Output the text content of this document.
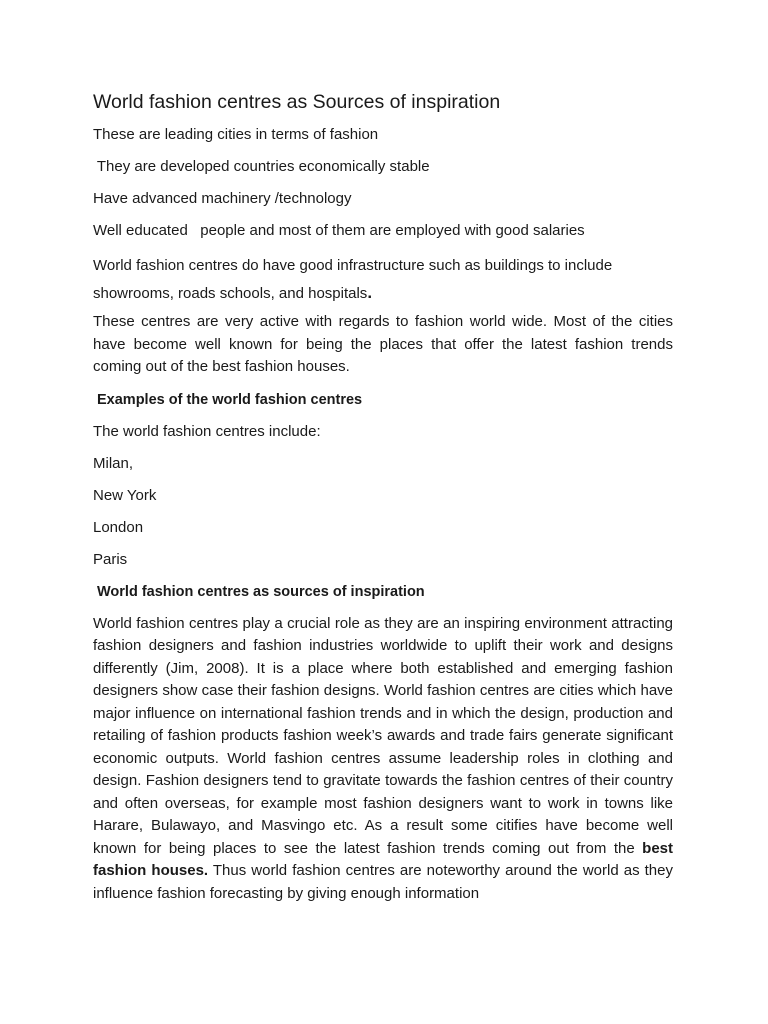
World fashion centres as Sources of inspiration

These are leading cities in terms of fashion

They are developed countries economically stable

Have advanced machinery /technology

Well educated   people and most of them are employed with good salaries

World fashion centres do have good infrastructure such as buildings to include showrooms, roads schools, and hospitals.

These centres are very active with regards to fashion world wide. Most of the cities have become well known for being the places that offer the latest fashion trends coming out of the best fashion houses.

Examples of the world fashion centres

The world fashion centres include:

Milan,

New York

London

Paris

World fashion centres as sources of inspiration

World fashion centres play a crucial role as they are an inspiring environment attracting fashion designers and fashion industries worldwide to uplift their work and designs differently (Jim, 2008). It is a place where both established and emerging fashion designers show case their fashion designs. World fashion centres are cities which have major influence on international fashion trends and in which the design, production and retailing of fashion products fashion week’s awards and trade fairs generate significant economic outputs. World fashion centres assume leadership roles in clothing and design. Fashion designers tend to gravitate towards the fashion centres of their country and often overseas, for example most fashion designers want to work in towns like Harare, Bulawayo, and Masvingo etc. As a result some citifies have become well known for being places to see the latest fashion trends coming out from the best fashion houses. Thus world fashion centres are noteworthy around the world as they influence fashion forecasting by giving enough information
